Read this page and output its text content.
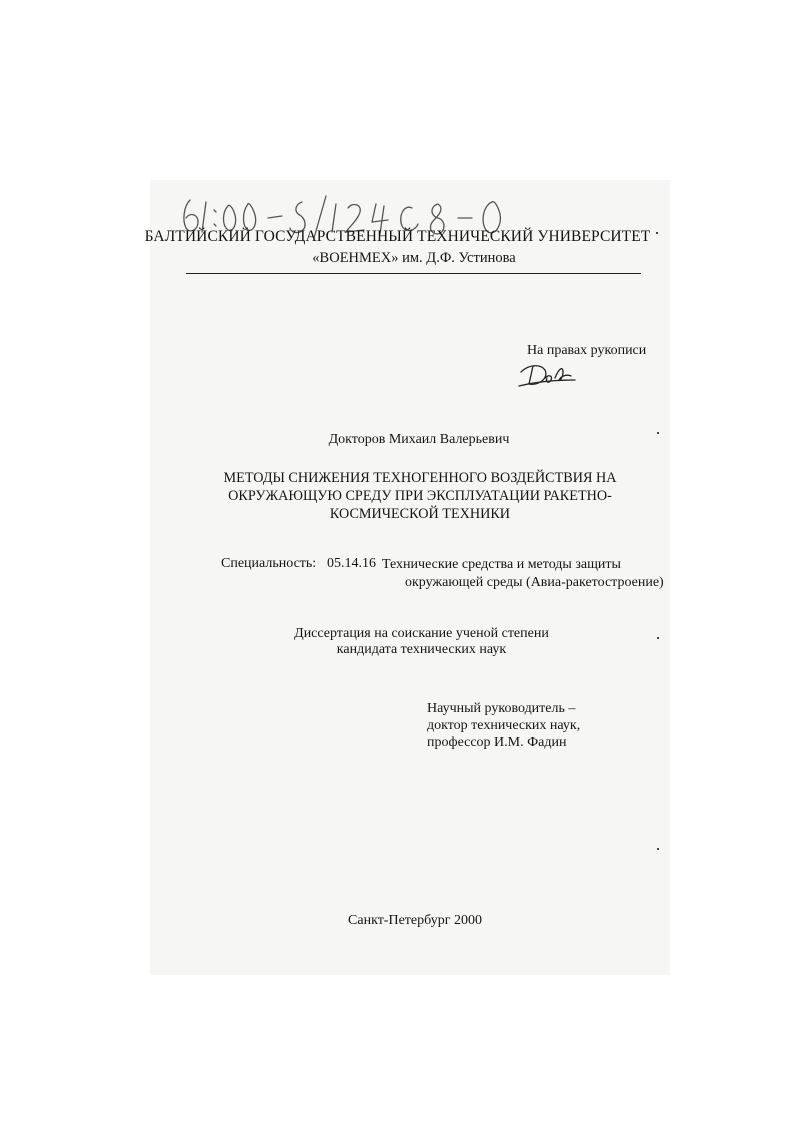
БАЛТИЙСКИЙ ГОСУДАРСТВЕННЫЙ ТЕХНИЧЕСКИЙ УНИВЕРСИТЕТ
«ВОЕНМЕХ» им. Д.Ф. Устинова
На правах рукописи
Докторов Михаил Валерьевич
МЕТОДЫ СНИЖЕНИЯ ТЕХНОГЕННОГО ВОЗДЕЙСТВИЯ НА
ОКРУЖАЮЩУЮ СРЕДУ ПРИ ЭКСПЛУАТАЦИИ РАКЕТНО-
КОСМИЧЕСКОЙ ТЕХНИКИ
Специальность: 05.14.16 Технические средства и методы защиты
окружающей среды (Авиа-ракетостроение)
Диссертация на соискание ученой степени
кандидата технических наук
Научный руководитель –
доктор технических наук,
профессор И.М. Фадин
Санкт-Петербург 2000
